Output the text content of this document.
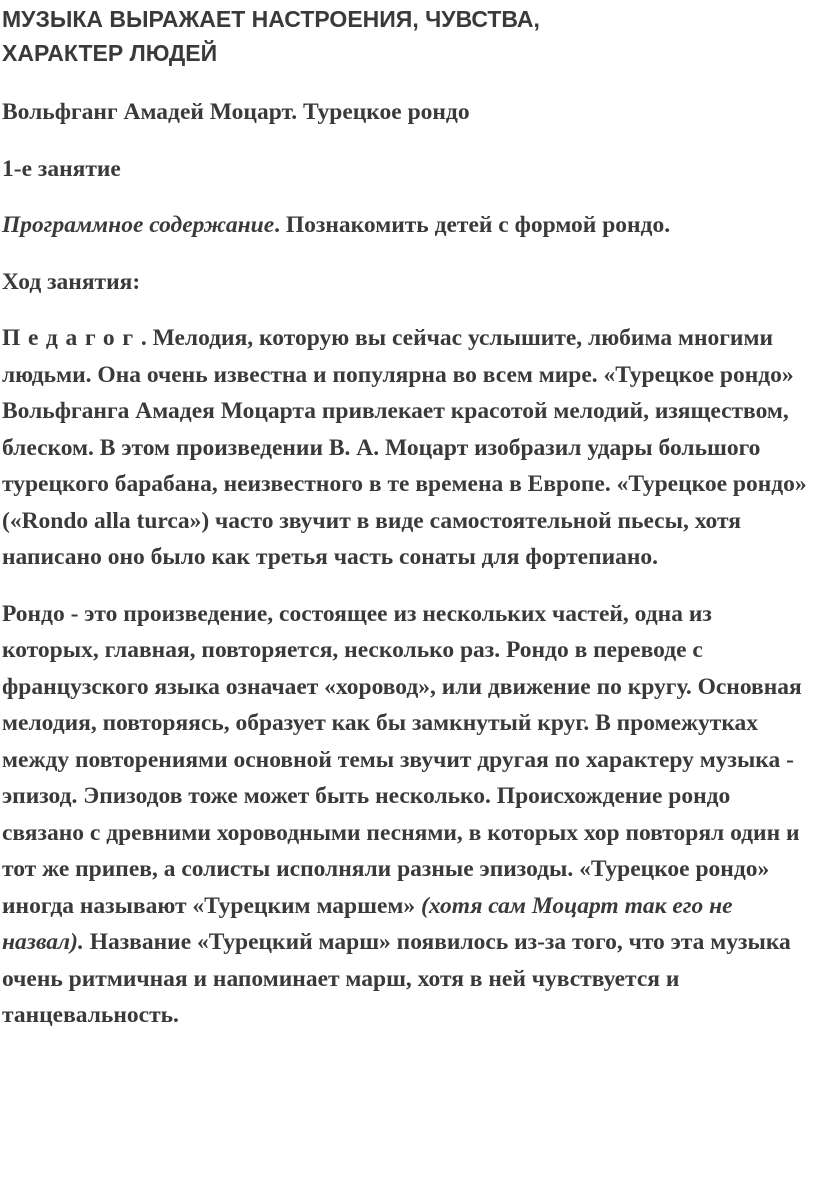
МУЗЫКА ВЫРАЖАЕТ НАСТРОЕНИЯ, ЧУВСТВА,
ХАРАКТЕР ЛЮДЕЙ

Вольфганг Амадей Моцарт. Турецкое рондо

1-е занятие

Программное содержание. Познакомить детей с формой рондо.

Ход занятия:

Педагог. Мелодия, которую вы сейчас услышите, любима многими людьми. Она очень известна и популярна во всем мире. «Турецкое рондо» Вольфганга Амадея Моцарта привлекает красотой мелодий, изяществом, блеском. В этом произведении В. А. Моцарт изобразил удары большого турецкого барабана, неизвестного в те времена в Европе. «Турецкое рондо» («Rondo alla turca») часто звучит в виде самостоятельной пьесы, хотя написано оно было как третья часть сонаты для фортепиано.

Рондо - это произведение, состоящее из нескольких частей, одна из которых, главная, повторяется, несколько раз. Рондо в переводе с французского языка означает «хоровод», или движение по кругу. Основная мелодия, повторяясь, образует как бы замкнутый круг. В промежутках между повторениями основной темы звучит другая по характеру музыка - эпизод. Эпизодов тоже может быть несколько. Происхождение рондо связано с древними хороводными песнями, в которых хор повторял один и тот же припев, а солисты исполняли разные эпизоды. «Турецкое рондо» иногда называют «Турецким маршем» (хотя сам Моцарт так его не назвал). Название «Турецкий марш» появилось из-за того, что эта музыка очень ритмичная и напоминает марш, хотя в ней чувствуется и танцевальность.
